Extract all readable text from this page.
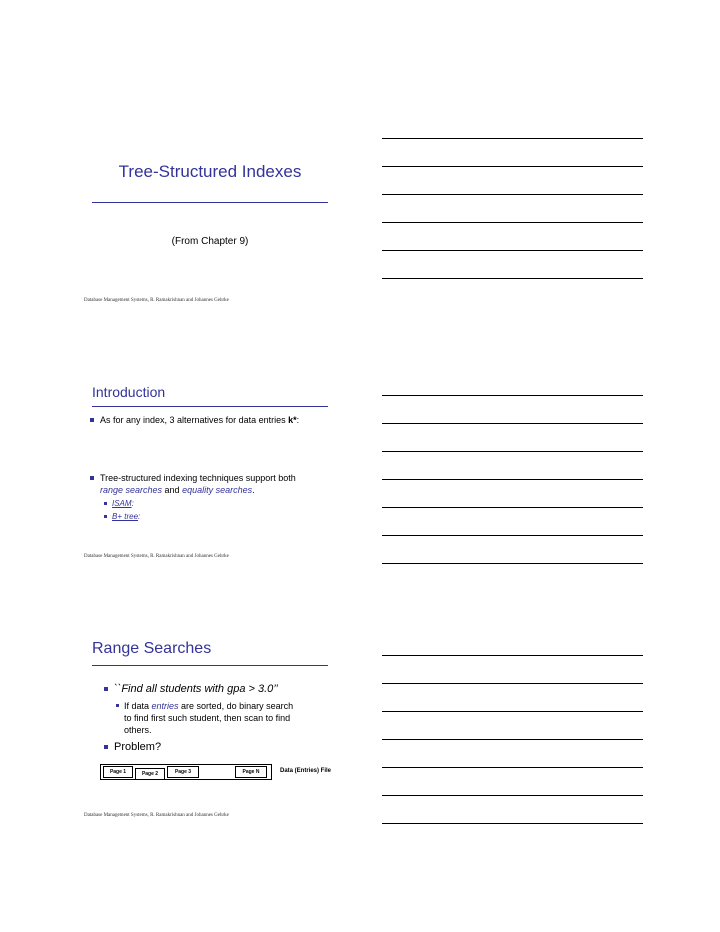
Tree-Structured Indexes
(From Chapter 9)
Database Management Systems, R. Ramakrishnan and Johannes Gehrke
Introduction
As for any index, 3 alternatives for data entries k*:
Tree-structured indexing techniques support both
range searches and equality searches.
ISAM:
B+ tree:
Database Management Systems, R. Ramakrishnan and Johannes Gehrke
Range Searches
``Find all students with gpa > 3.0’’
If data entries are sorted, do binary search
to find first such student, then scan to find
others.
Problem?
Page 1	Page 2	Page 3	Page N	Data (Entries) File
Database Management Systems, R. Ramakrishnan and Johannes Gehrke
